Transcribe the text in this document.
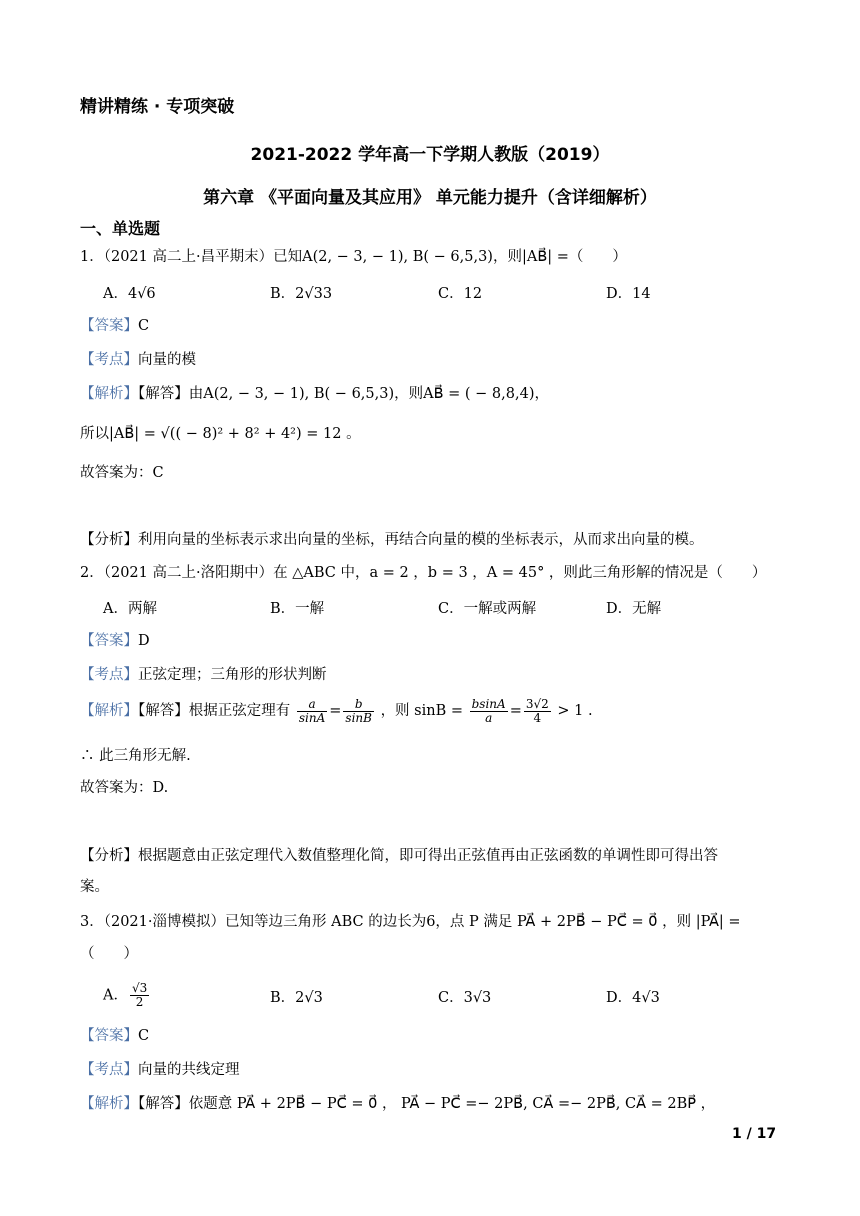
精讲精练 · 专项突破
2021-2022 学年高一下学期人教版（2019）
第六章 《平面向量及其应用》 单元能力提升（含详细解析）
一、单选题
1．（2021 高二上·昌平期末）已知A(2, − 3, − 1), B( − 6,5,3)，则|AB⃗| =（　　）
A．4√6	B．2√33	C．12	D．14
【答案】C
【考点】向量的模
【解析】【解答】由A(2, − 3, − 1), B( − 6,5,3)，则AB⃗ = ( − 8,8,4)，
所以|AB⃗| = √(( − 8)² + 8² + 4²) = 12 。
故答案为：C
【分析】利用向量的坐标表示求出向量的坐标，再结合向量的模的坐标表示，从而求出向量的模。
2．（2021 高二上·洛阳期中）在 △ABC 中，a = 2 ，b = 3 ，A = 45° ，则此三角形解的情况是（　　）
A．两解	B．一解	C．一解或两解	D．无解
【答案】D
【考点】正弦定理；三角形的形状判断
【解析】【解答】根据正弦定理有 $\frac{a}{\sin A} = \frac{b}{\sin B}$ ，则 $\sin B = \frac{bsinA}{a} = \frac{3√2}{4} > 1$ .
∴ 此三角形无解.
故答案为：D.
【分析】根据题意由正弦定理代入数值整理化简，即可得出正弦值再由正弦函数的单调性即可得出答
案。
3．（2021·淄博模拟）已知等边三角形 ABC 的边长为6，点 P 满足 PA⃗ + 2PB⃗ − PC⃗ = 0⃗ ，则 |PA⃗| =
（　　）
A． $\frac{√3}{2}$	B．2√3	C．3√3	D．4√3
【答案】C
【考点】向量的共线定理
【解析】【解答】依题意 PA⃗ + 2PB⃗ − PC⃗ = 0⃗ ， PA⃗ − PC⃗ =− 2PB⃗, CA⃗ =− 2PB⃗, CA⃗ = 2BP⃗ ，
1 / 17
